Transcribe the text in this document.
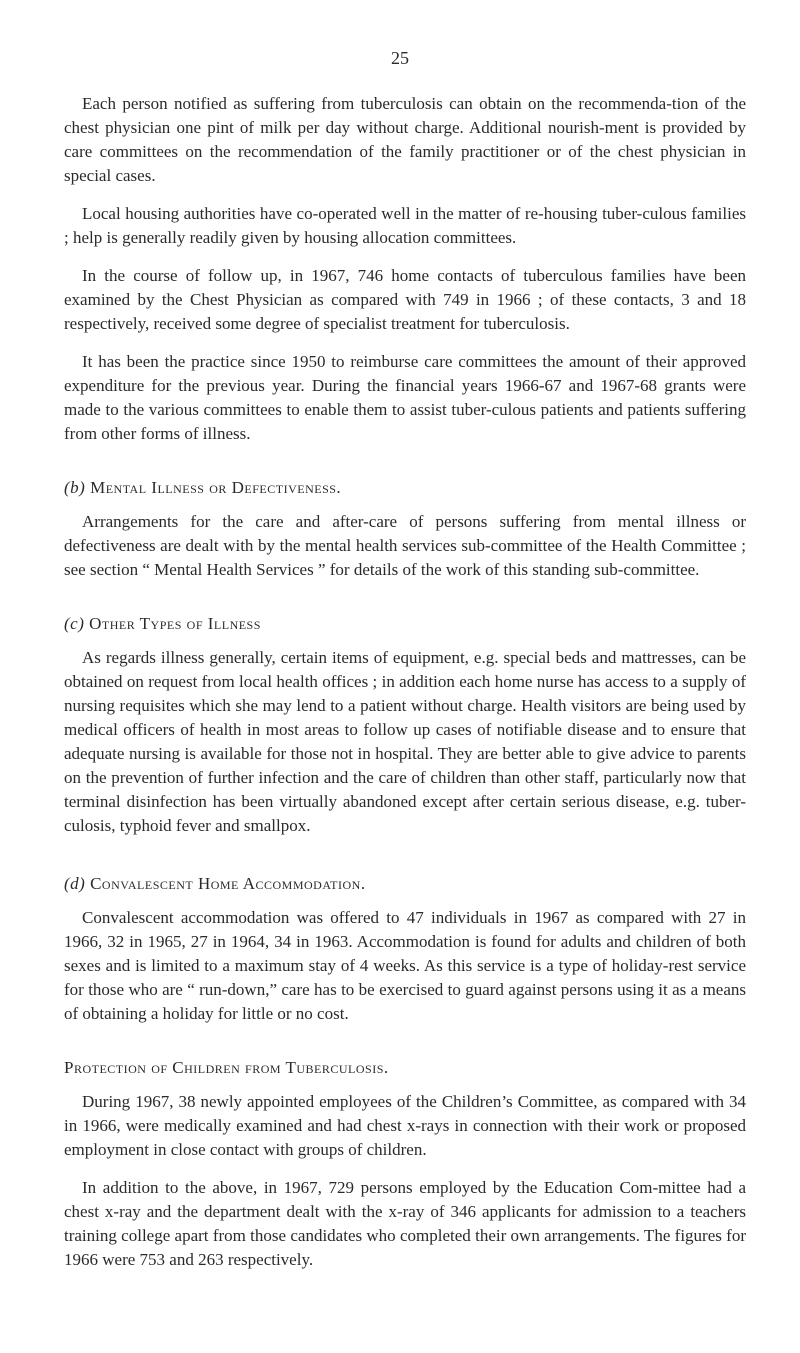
25

Each person notified as suffering from tuberculosis can obtain on the recommenda-tion of the chest physician one pint of milk per day without charge. Additional nourish-ment is provided by care committees on the recommendation of the family practitioner or of the chest physician in special cases.

Local housing authorities have co-operated well in the matter of re-housing tuber-culous families ; help is generally readily given by housing allocation committees.

In the course of follow up, in 1967, 746 home contacts of tuberculous families have been examined by the Chest Physician as compared with 749 in 1966 ; of these contacts, 3 and 18 respectively, received some degree of specialist treatment for tuberculosis.

It has been the practice since 1950 to reimburse care committees the amount of their approved expenditure for the previous year. During the financial years 1966-67 and 1967-68 grants were made to the various committees to enable them to assist tuber-culous patients and patients suffering from other forms of illness.

(b) Mental Illness or Defectiveness.

Arrangements for the care and after-care of persons suffering from mental illness or defectiveness are dealt with by the mental health services sub-committee of the Health Committee ; see section “ Mental Health Services ” for details of the work of this standing sub-committee.

(c) Other Types of Illness

As regards illness generally, certain items of equipment, e.g. special beds and mattresses, can be obtained on request from local health offices ; in addition each home nurse has access to a supply of nursing requisites which she may lend to a patient without charge. Health visitors are being used by medical officers of health in most areas to follow up cases of notifiable disease and to ensure that adequate nursing is available for those not in hospital. They are better able to give advice to parents on the prevention of further infection and the care of children than other staff, particularly now that terminal disinfection has been virtually abandoned except after certain serious disease, e.g. tuber-culosis, typhoid fever and smallpox.

(d) Convalescent Home Accommodation.

Convalescent accommodation was offered to 47 individuals in 1967 as compared with 27 in 1966, 32 in 1965, 27 in 1964, 34 in 1963. Accommodation is found for adults and children of both sexes and is limited to a maximum stay of 4 weeks. As this service is a type of holiday-rest service for those who are “ run-down,” care has to be exercised to guard against persons using it as a means of obtaining a holiday for little or no cost.

Protection of Children from Tuberculosis.

During 1967, 38 newly appointed employees of the Children’s Committee, as compared with 34 in 1966, were medically examined and had chest x-rays in connection with their work or proposed employment in close contact with groups of children.

In addition to the above, in 1967, 729 persons employed by the Education Com-mittee had a chest x-ray and the department dealt with the x-ray of 346 applicants for admission to a teachers training college apart from those candidates who completed their own arrangements. The figures for 1966 were 753 and 263 respectively.
